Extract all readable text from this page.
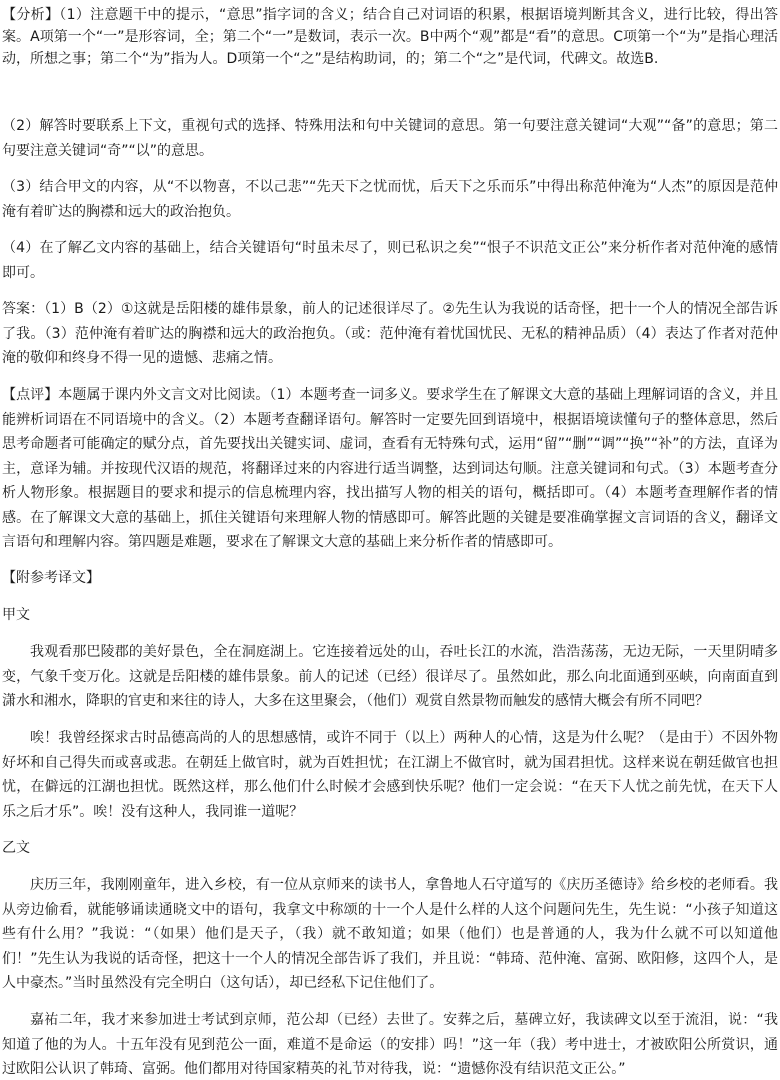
【分析】（1）注意题干中的提示，“意思”指字词的含义；结合自己对词语的积累，根据语境判断其含义，进行比较，得出答案。A项第一个“一”是形容词，全；第二个“一”是数词，表示一次。B中两个“观”都是“看”的意思。C项第一个“为”是指心理活动，所想之事；第二个“为”指为人。D项第一个“之”是结构助词，的；第二个“之”是代词，代碑文。故选B.

（2）解答时要联系上下文，重视句式的选择、特殊用法和句中关键词的意思。第一句要注意关键词“大观”“备”的意思；第二句要注意关键词“奇”“以”的意思。

（3）结合甲文的内容，从“不以物喜，不以己悲”“先天下之忧而忧，后天下之乐而乐”中得出称范仲淹为“人杰”的原因是范仲淹有着旷达的胸襟和远大的政治抱负。

（4）在了解乙文内容的基础上，结合关键语句“时虽未尽了，则已私识之矣”“恨子不识范文正公”来分析作者对范仲淹的感情即可。

答案：（1）B（2）①这就是岳阳楼的雄伟景象，前人的记述很详尽了。②先生认为我说的话奇怪，把十一个人的情况全部告诉了我。（3）范仲淹有着旷达的胸襟和远大的政治抱负。（或：范仲淹有着忧国忧民、无私的精神品质）（4）表达了作者对范仲淹的敬仰和终身不得一见的遗憾、悲痛之情。

【点评】本题属于课内外文言文对比阅读。（1）本题考查一词多义。要求学生在了解课文大意的基础上理解词语的含义，并且能辨析词语在不同语境中的含义。（2）本题考查翻译语句。解答时一定要先回到语境中，根据语境读懂句子的整体意思，然后思考命题者可能确定的赋分点，首先要找出关键实词、虚词，查看有无特殊句式，运用“留”“删”“调”“换”“补”的方法，直译为主，意译为辅。并按现代汉语的规范，将翻译过来的内容进行适当调整，达到词达句顺。注意关键词和句式。（3）本题考查分析人物形象。根据题目的要求和提示的信息梳理内容，找出描写人物的相关的语句，概括即可。（4）本题考查理解作者的情感。在了解课文大意的基础上，抓住关键语句来理解人物的情感即可。解答此题的关键是要准确掌握文言词语的含义，翻译文言语句和理解内容。第四题是难题，要求在了解课文大意的基础上来分析作者的情感即可。

【附参考译文】

甲文

我观看那巴陵郡的美好景色，全在洞庭湖上。它连接着远处的山，吞吐长江的水流，浩浩荡荡，无边无际，一天里阴晴多变，气象千变万化。这就是岳阳楼的雄伟景象。前人的记述（已经）很详尽了。虽然如此，那么向北面通到巫峡，向南面直到潇水和湘水，降职的官吏和来往的诗人，大多在这里聚会，（他们）观赏自然景物而触发的感情大概会有所不同吧？

唉！我曾经探求古时品德高尚的人的思想感情，或许不同于（以上）两种人的心情，这是为什么呢？（是由于）不因外物好坏和自己得失而或喜或悲。在朝廷上做官时，就为百姓担忧；在江湖上不做官时，就为国君担忧。这样来说在朝廷做官也担忧，在僻远的江湖也担忧。既然这样，那么他们什么时候才会感到快乐呢？他们一定会说：“在天下人忧之前先忧，在天下人乐之后才乐”。唉！没有这种人，我同谁一道呢？

乙文

庆历三年，我刚刚童年，进入乡校，有一位从京师来的读书人，拿鲁地人石守道写的《庆历圣德诗》给乡校的老师看。我从旁边偷看，就能够诵读通晓文中的语句，我拿文中称颂的十一个人是什么样的人这个问题问先生，先生说：“小孩子知道这些有什么用？”我说：“（如果）他们是天子，（我）就不敢知道；如果（他们）也是普通的人，我为什么就不可以知道他们！”先生认为我说的话奇怪，把这十一个人的情况全部告诉了我们，并且说：“韩琦、范仲淹、富弼、欧阳修，这四个人，是人中豪杰。”当时虽然没有完全明白（这句话），却已经私下记住他们了。

嘉祐二年，我才来参加进士考试到京师，范公却（已经）去世了。安葬之后，墓碑立好，我读碑文以至于流泪，说：“我知道了他的为人。十五年没有见到范公一面，难道不是命运（的安排）吗！”这一年（我）考中进士，才被欧阳公所赏识，通过欧阳公认识了韩琦、富弼。他们都用对待国家精英的礼节对待我，说：“遗憾你没有结识范文正公。”
